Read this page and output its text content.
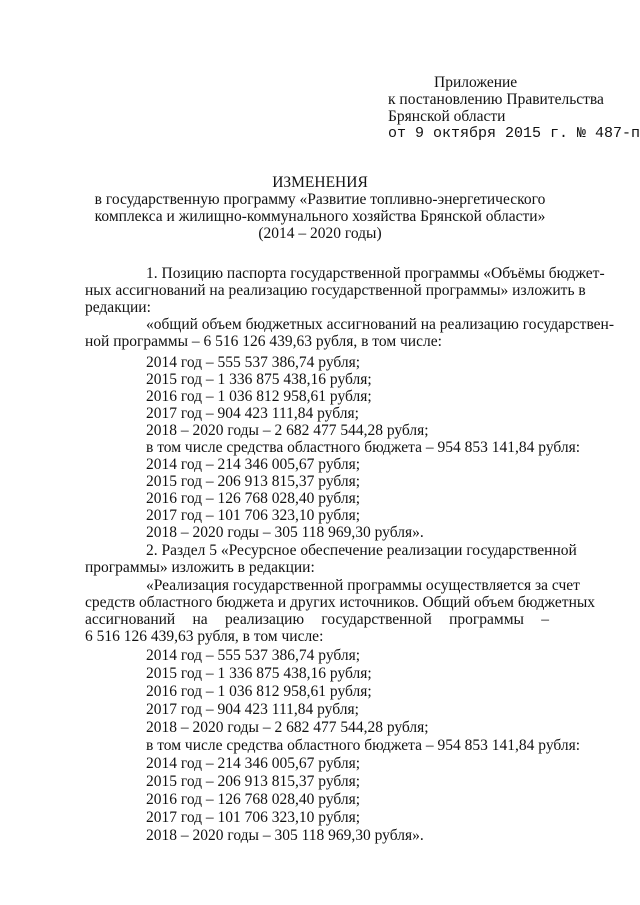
Приложение
к постановлению Правительства
Брянской области
от 9 октября 2015 г. № 487-п
ИЗМЕНЕНИЯ
в государственную программу «Развитие топливно-энергетического
комплекса и жилищно-коммунального хозяйства Брянской области»
(2014 – 2020 годы)
1. Позицию паспорта государственной программы «Объёмы бюджет-
ных ассигнований на реализацию государственной программы» изложить в
редакции:
«общий объем бюджетных ассигнований на реализацию государствен-
ной программы – 6 516 126 439,63 рубля, в том числе:
2014 год – 555 537 386,74 рубля;
2015 год – 1 336 875 438,16 рубля;
2016 год – 1 036 812 958,61 рубля;
2017 год – 904 423 111,84 рубля;
2018 – 2020 годы – 2 682 477 544,28 рубля;
в том числе средства областного бюджета – 954 853 141,84 рубля:
2014 год – 214 346 005,67 рубля;
2015 год – 206 913 815,37 рубля;
2016 год – 126 768 028,40 рубля;
2017 год – 101 706 323,10 рубля;
2018 – 2020 годы – 305 118 969,30 рубля».
2. Раздел 5 «Ресурсное обеспечение реализации государственной
программы» изложить в редакции:
«Реализация государственной программы осуществляется за счет
средств областного бюджета и других источников. Общий объем бюджетных
ассигнований на реализацию государственной программы –
6 516 126 439,63 рубля, в том числе:
2014 год – 555 537 386,74 рубля;
2015 год – 1 336 875 438,16 рубля;
2016 год – 1 036 812 958,61 рубля;
2017 год – 904 423 111,84 рубля;
2018 – 2020 годы – 2 682 477 544,28 рубля;
в том числе средства областного бюджета – 954 853 141,84 рубля:
2014 год – 214 346 005,67 рубля;
2015 год – 206 913 815,37 рубля;
2016 год – 126 768 028,40 рубля;
2017 год – 101 706 323,10 рубля;
2018 – 2020 годы – 305 118 969,30 рубля».
